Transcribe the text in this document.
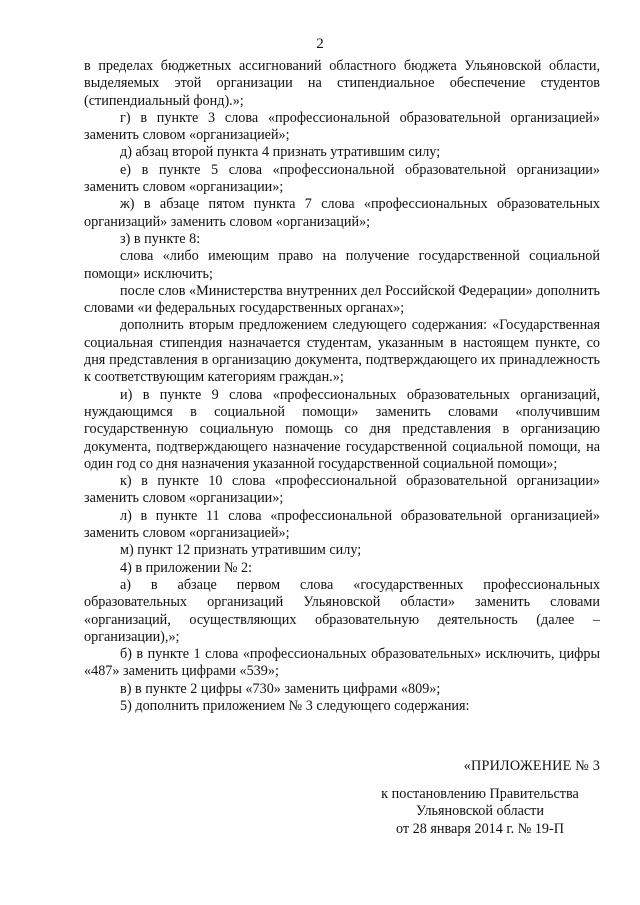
2

в пределах бюджетных ассигнований областного бюджета Ульяновской области, выделяемых этой организации на стипендиальное обеспечение студентов (стипендиальный фонд).»;

г) в пункте 3 слова «профессиональной образовательной организацией» заменить словом «организацией»;

д) абзац второй пункта 4 признать утратившим силу;

е) в пункте 5 слова «профессиональной образовательной организации» заменить словом «организации»;

ж) в абзаце пятом пункта 7 слова «профессиональных образовательных организаций» заменить словом «организаций»;

з) в пункте 8:

слова «либо имеющим право на получение государственной социальной помощи» исключить;

после слов «Министерства внутренних дел Российской Федерации» дополнить словами «и федеральных государственных органах»;

дополнить вторым предложением следующего содержания: «Государственная социальная стипендия назначается студентам, указанным в настоящем пункте, со дня представления в организацию документа, подтверждающего их принадлежность к соответствующим категориям граждан.»;

и) в пункте 9 слова «профессиональных образовательных организаций, нуждающимся в социальной помощи» заменить словами «получившим государственную социальную помощь со дня представления в организацию документа, подтверждающего назначение государственной социальной помощи, на один год со дня назначения указанной государственной социальной помощи»;

к) в пункте 10 слова «профессиональной образовательной организации» заменить словом «организации»;

л) в пункте 11 слова «профессиональной образовательной организацией» заменить словом «организацией»;

м) пункт 12 признать утратившим силу;

4) в приложении № 2:

а) в абзаце первом слова «государственных профессиональных образовательных организаций Ульяновской области» заменить словами «организаций, осуществляющих образовательную деятельность (далее – организации),»;

б) в пункте 1 слова «профессиональных образовательных» исключить, цифры «487» заменить цифрами «539»;

в) в пункте 2 цифры «730» заменить цифрами «809»;

5) дополнить приложением № 3 следующего содержания:

«ПРИЛОЖЕНИЕ № 3
к постановлению Правительства
Ульяновской области
от 28 января 2014 г. № 19-П
